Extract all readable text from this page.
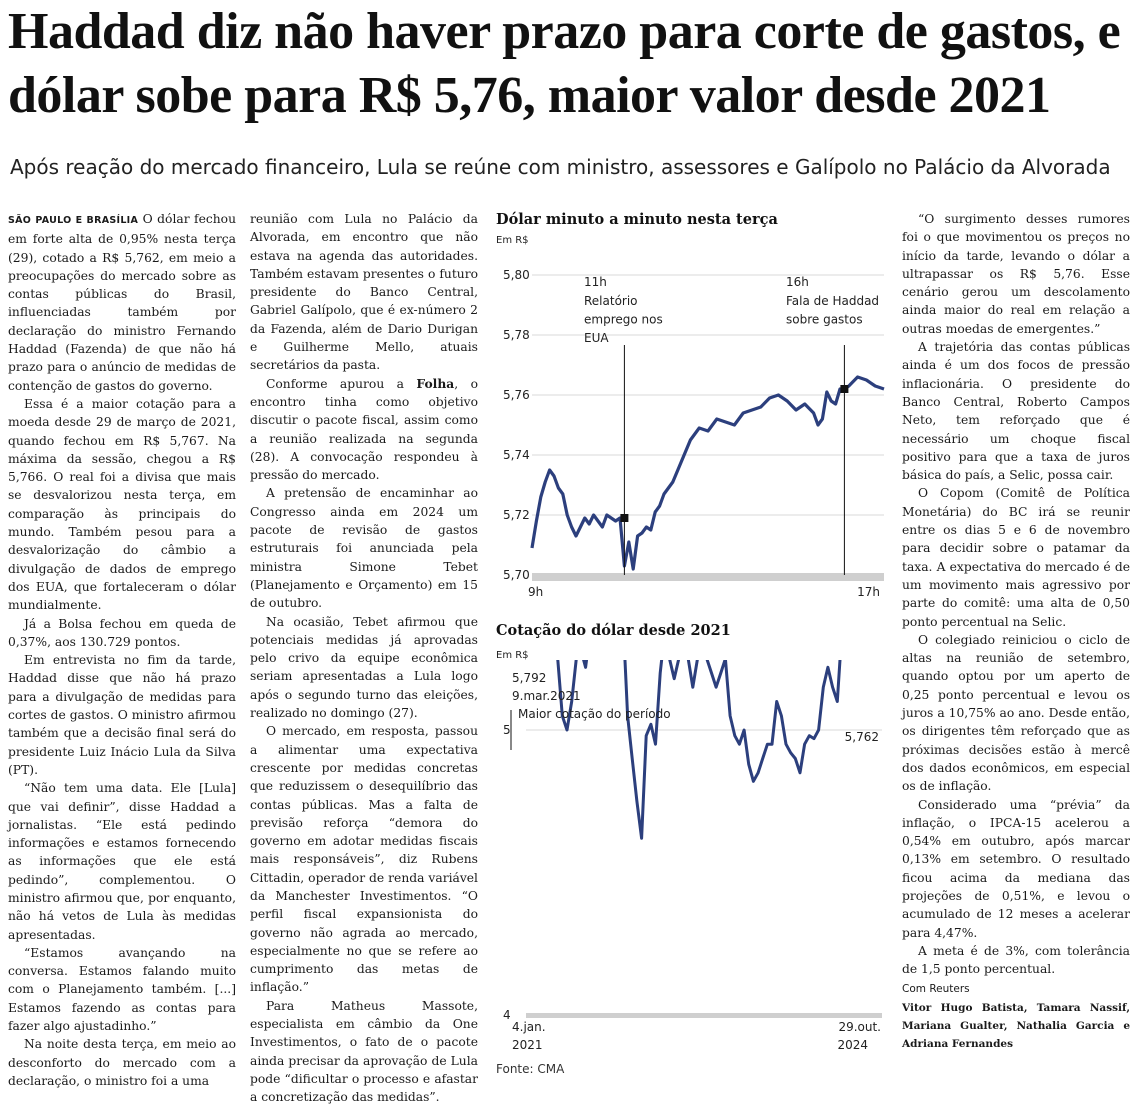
Haddad diz não haver prazo para corte de gastos, e dólar sobe para R$ 5,76, maior valor desde 2021

Após reação do mercado financeiro, Lula se reúne com ministro, assessores e Galípolo no Palácio da Alvorada

SÃO PAULO E BRASÍLIA O dólar fechou em forte alta de 0,95% nesta terça (29), cotado a R$ 5,762, em meio a preocupações do mercado sobre as contas públicas do Brasil, influenciadas também por declaração do ministro Fernando Haddad (Fazenda) de que não há prazo para o anúncio de medidas de contenção de gastos do governo.

Essa é a maior cotação para a moeda desde 29 de março de 2021, quando fechou em R$ 5,767. Na máxima da sessão, chegou a R$ 5,766. O real foi a divisa que mais se desvalorizou nesta terça, em comparação às principais do mundo. Também pesou para a desvalorização do câmbio a divulgação de dados de emprego dos EUA, que fortaleceram o dólar mundialmente.

Já a Bolsa fechou em queda de 0,37%, aos 130.729 pontos.

Em entrevista no fim da tarde, Haddad disse que não há prazo para a divulgação de medidas para cortes de gastos. O ministro afirmou também que a decisão final será do presidente Luiz Inácio Lula da Silva (PT).

“Não tem uma data. Ele [Lula] que vai definir”, disse Haddad a jornalistas. “Ele está pedindo informações e estamos fornecendo as informações que ele está pedindo”, complementou. O ministro afirmou que, por enquanto, não há vetos de Lula às medidas apresentadas.

“Estamos avançando na conversa. Estamos falando muito com o Planejamento também. [...] Estamos fazendo as contas para fazer algo ajustadinho.”

Na noite desta terça, em meio ao desconforto do mercado com a declaração, o ministro foi a uma

reunião com Lula no Palácio da Alvorada, em encontro que não estava na agenda das autoridades. Também estavam presentes o futuro presidente do Banco Central, Gabriel Galípolo, que é ex-número 2 da Fazenda, além de Dario Durigan e Guilherme Mello, atuais secretários da pasta.

Conforme apurou a Folha, o encontro tinha como objetivo discutir o pacote fiscal, assim como a reunião realizada na segunda (28). A convocação respondeu à pressão do mercado.

A pretensão de encaminhar ao Congresso ainda em 2024 um pacote de revisão de gastos estruturais foi anunciada pela ministra Simone Tebet (Planejamento e Orçamento) em 15 de outubro.

Na ocasião, Tebet afirmou que potenciais medidas já aprovadas pelo crivo da equipe econômica seriam apresentadas a Lula logo após o segundo turno das eleições, realizado no domingo (27).

O mercado, em resposta, passou a alimentar uma expectativa crescente por medidas concretas que reduzissem o desequilíbrio das contas públicas. Mas a falta de previsão reforça “demora do governo em adotar medidas fiscais mais responsáveis”, diz Rubens Cittadin, operador de renda variável da Manchester Investimentos. “O perfil fiscal expansionista do governo não agrada ao mercado, especialmente no que se refere ao cumprimento das metas de inflação.”

Para Matheus Massote, especialista em câmbio da One Investimentos, o fato de o pacote ainda precisar da aprovação de Lula pode “dificultar o processo e afastar a concretização das medidas”.

Dólar minuto a minuto nesta terça
Em R$
5,80
5,78
5,76
5,74
5,72
5,70
9h	17h
11h
Relatório
emprego nos
EUA
16h
Fala de Haddad
sobre gastos
Cotação do dólar desde 2021
Em R$
5
4
4.jan.
2021
29.out.
2024
5,792
9.mar.2021
Maior cotação do período
5,762
Fonte: CMA

“O surgimento desses rumores foi o que movimentou os preços no início da tarde, levando o dólar a ultrapassar os R$ 5,76. Esse cenário gerou um descolamento ainda maior do real em relação a outras moedas de emergentes.”

A trajetória das contas públicas ainda é um dos focos de pressão inflacionária. O presidente do Banco Central, Roberto Campos Neto, tem reforçado que é necessário um choque fiscal positivo para que a taxa de juros básica do país, a Selic, possa cair.

O Copom (Comitê de Política Monetária) do BC irá se reunir entre os dias 5 e 6 de novembro para decidir sobre o patamar da taxa. A expectativa do mercado é de um movimento mais agressivo por parte do comitê: uma alta de 0,50 ponto percentual na Selic.

O colegiado reiniciou o ciclo de altas na reunião de setembro, quando optou por um aperto de 0,25 ponto percentual e levou os juros a 10,75% ao ano. Desde então, os dirigentes têm reforçado que as próximas decisões estão à mercê dos dados econômicos, em especial os de inflação.

Considerado uma “prévia” da inflação, o IPCA-15 acelerou a 0,54% em outubro, após marcar 0,13% em setembro. O resultado ficou acima da mediana das projeções de 0,51%, e levou o acumulado de 12 meses a acelerar para 4,47%.

A meta é de 3%, com tolerância de 1,5 ponto percentual.

Com Reuters

Vitor Hugo Batista, Tamara Nassif, Mariana Gualter, Nathalia Garcia e Adriana Fernandes
